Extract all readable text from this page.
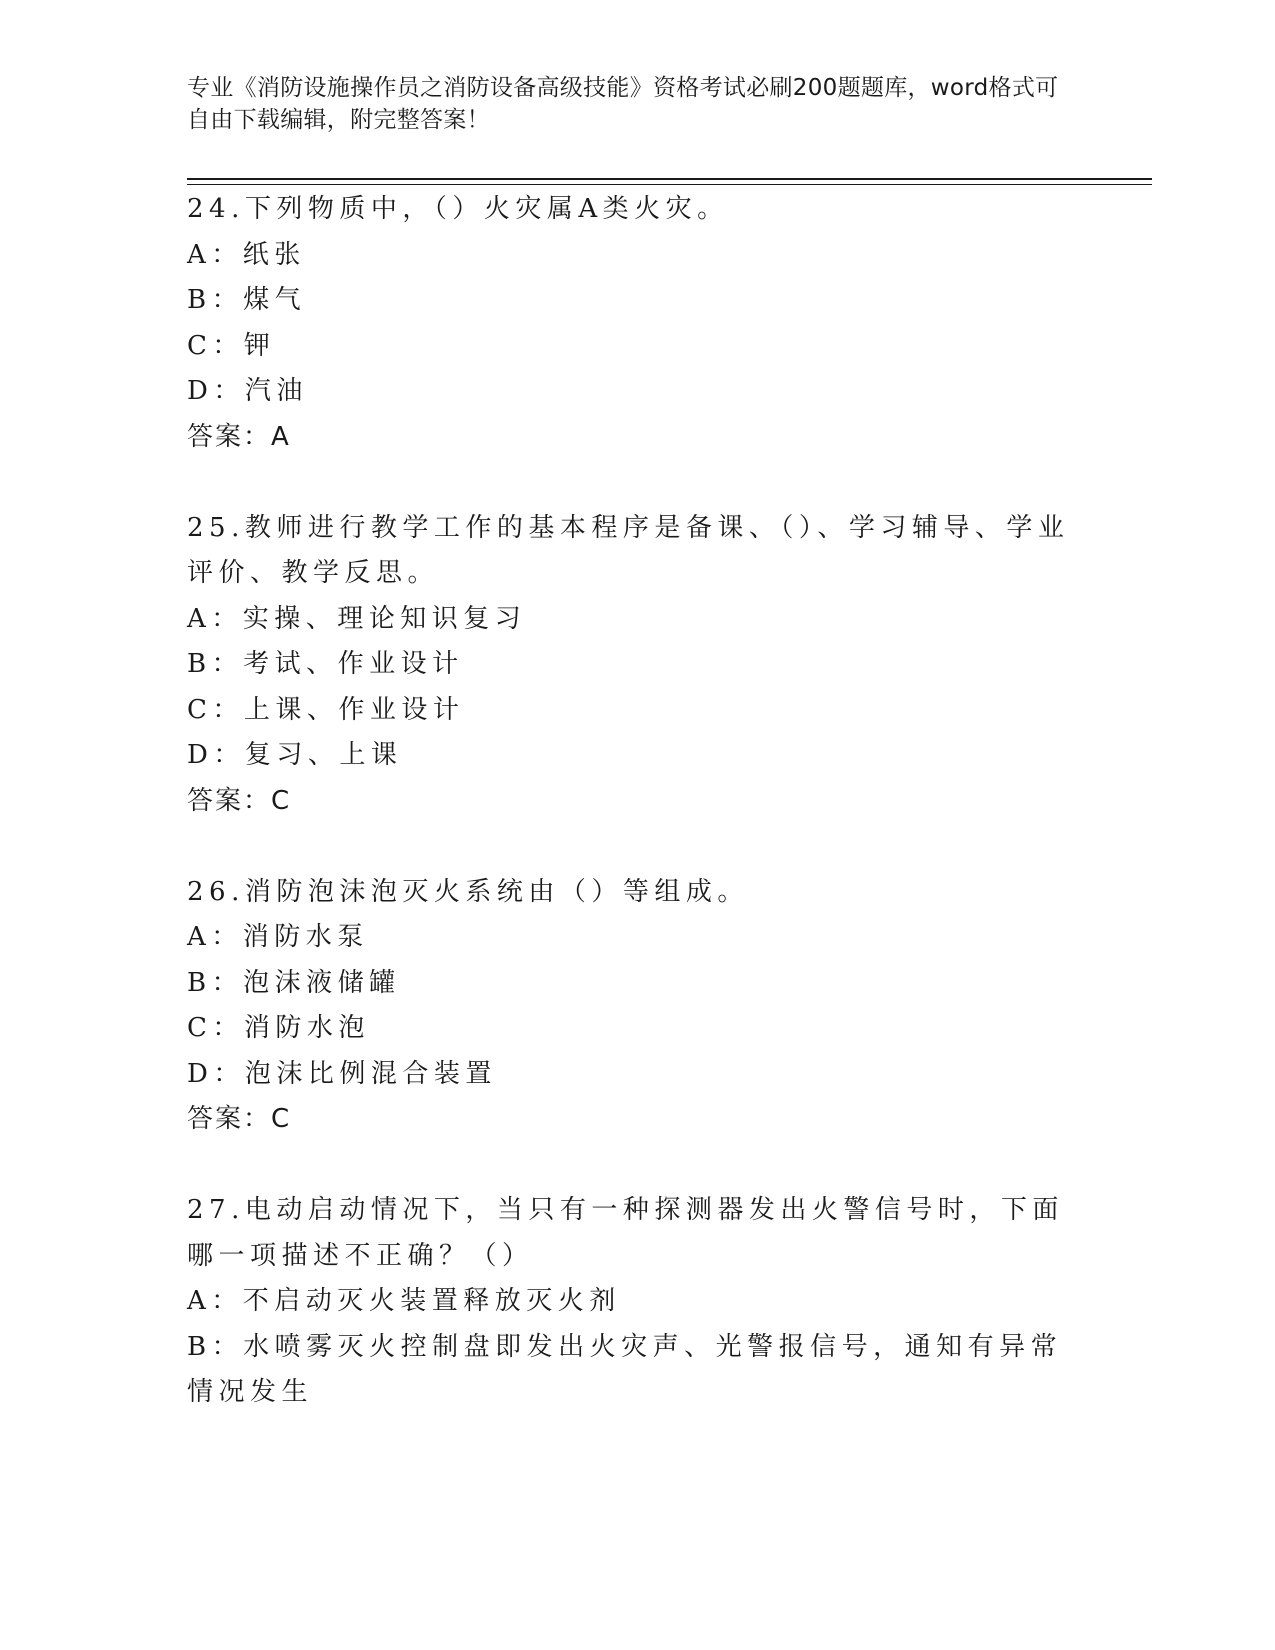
专业《消防设施操作员之消防设备高级技能》资格考试必刷200题题库，word格式可自由下载编辑，附完整答案！
24.下列物质中，（）火灾属A类火灾。
A：纸张
B：煤气
C：钾
D：汽油
答案：A
25.教师进行教学工作的基本程序是备课、（）、学习辅导、学业评价、教学反思。
A：实操、理论知识复习
B：考试、作业设计
C：上课、作业设计
D：复习、上课
答案：C
26.消防泡沫泡灭火系统由（）等组成。
A：消防水泵
B：泡沫液储罐
C：消防水泡
D：泡沫比例混合装置
答案：C
27.电动启动情况下，当只有一种探测器发出火警信号时，下面哪一项描述不正确？（）
A：不启动灭火装置释放灭火剂
B：水喷雾灭火控制盘即发出火灾声、光警报信号，通知有异常情况发生
